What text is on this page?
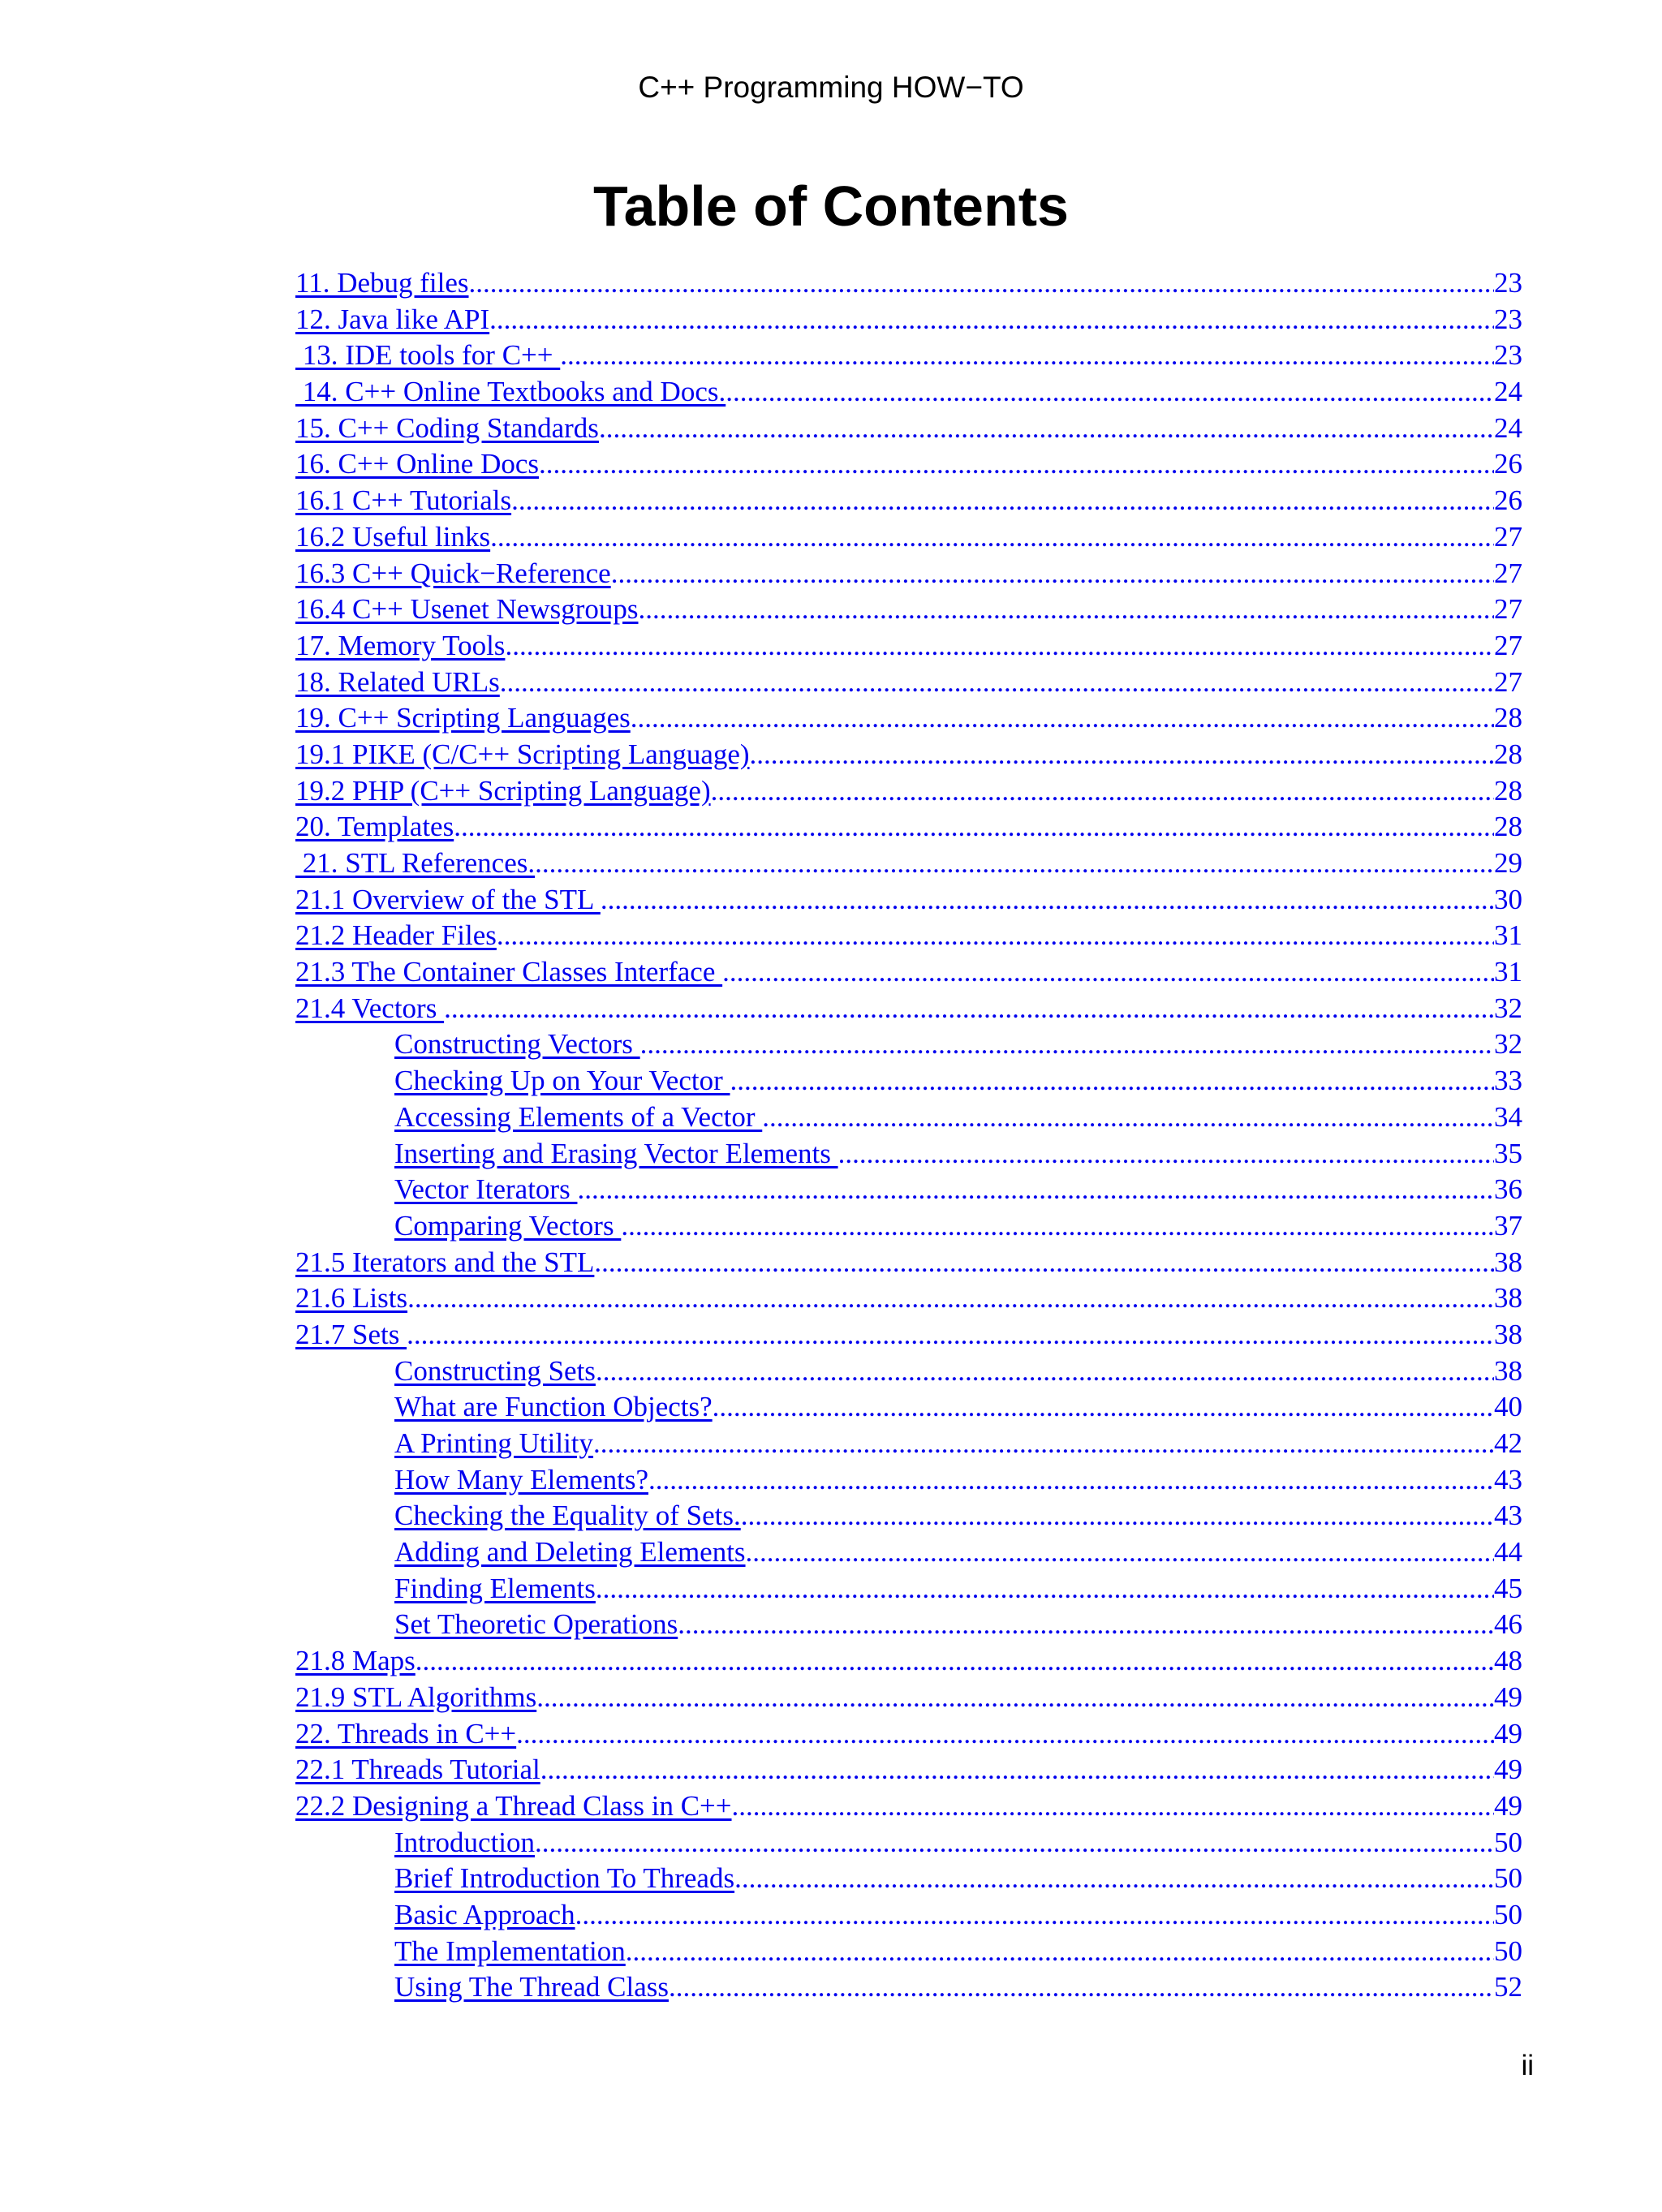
C++ Programming HOW−TO
Table of Contents
11. Debug files .....	23
12. Java like API .....	23
13. IDE tools for C++ .....	23
14. C++ Online Textbooks and Docs. .....	24
15. C++ Coding Standards .....	24
16. C++ Online Docs .....	26
16.1 C++ Tutorials .....	26
16.2 Useful links .....	27
16.3 C++ Quick−Reference .....	27
16.4 C++ Usenet Newsgroups .....	27
17. Memory Tools .....	27
18. Related URLs .....	27
19. C++ Scripting Languages .....	28
19.1 PIKE (C/C++ Scripting Language) .....	28
19.2 PHP (C++ Scripting Language) .....	28
20. Templates .....	28
21. STL References. .....	29
21.1 Overview of the STL .....	30
21.2 Header Files .....	31
21.3 The Container Classes Interface .....	31
21.4 Vectors .....	32
Constructing Vectors .....	32
Checking Up on Your Vector .....	33
Accessing Elements of a Vector .....	34
Inserting and Erasing Vector Elements .....	35
Vector Iterators .....	36
Comparing Vectors .....	37
21.5 Iterators and the STL .....	38
21.6 Lists .....	38
21.7 Sets .....	38
Constructing Sets .....	38
What are Function Objects? .....	40
A Printing Utility .....	42
How Many Elements? .....	43
Checking the Equality of Sets. .....	43
Adding and Deleting Elements .....	44
Finding Elements .....	45
Set Theoretic Operations .....	46
21.8 Maps .....	48
21.9 STL Algorithms .....	49
22. Threads in C++ .....	49
22.1 Threads Tutorial .....	49
22.2 Designing a Thread Class in C++ .....	49
Introduction .....	50
Brief Introduction To Threads .....	50
Basic Approach .....	50
The Implementation .....	50
Using The Thread Class .....	52
ii
